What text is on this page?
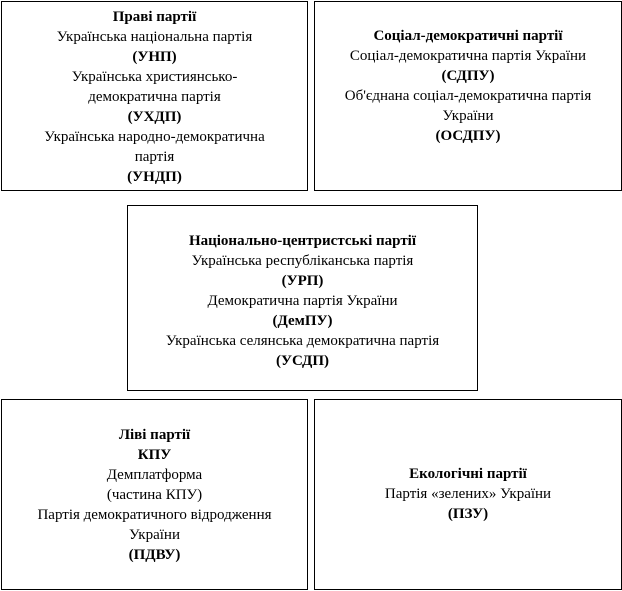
Праві партії
Українська національна партія
(УНП)
Українська християнсько-
демократична партія
(УХДП)
Українська народно-демократична
партія
(УНДП)
Соціал-демократичні партії
Соціал-демократична партія України
(СДПУ)
Об'єднана соціал-демократична партія
України
(ОСДПУ)
Національно-центристські партії
Українська республіканська партія
(УРП)
Демократична партія України
(ДемПУ)
Українська селянська демократична партія
(УСДП)
Ліві партії
КПУ
Демплатформа
(частина КПУ)
Партія демократичного відродження
України
(ПДВУ)
Екологічні партії
Партія «зелених» України
(ПЗУ)
